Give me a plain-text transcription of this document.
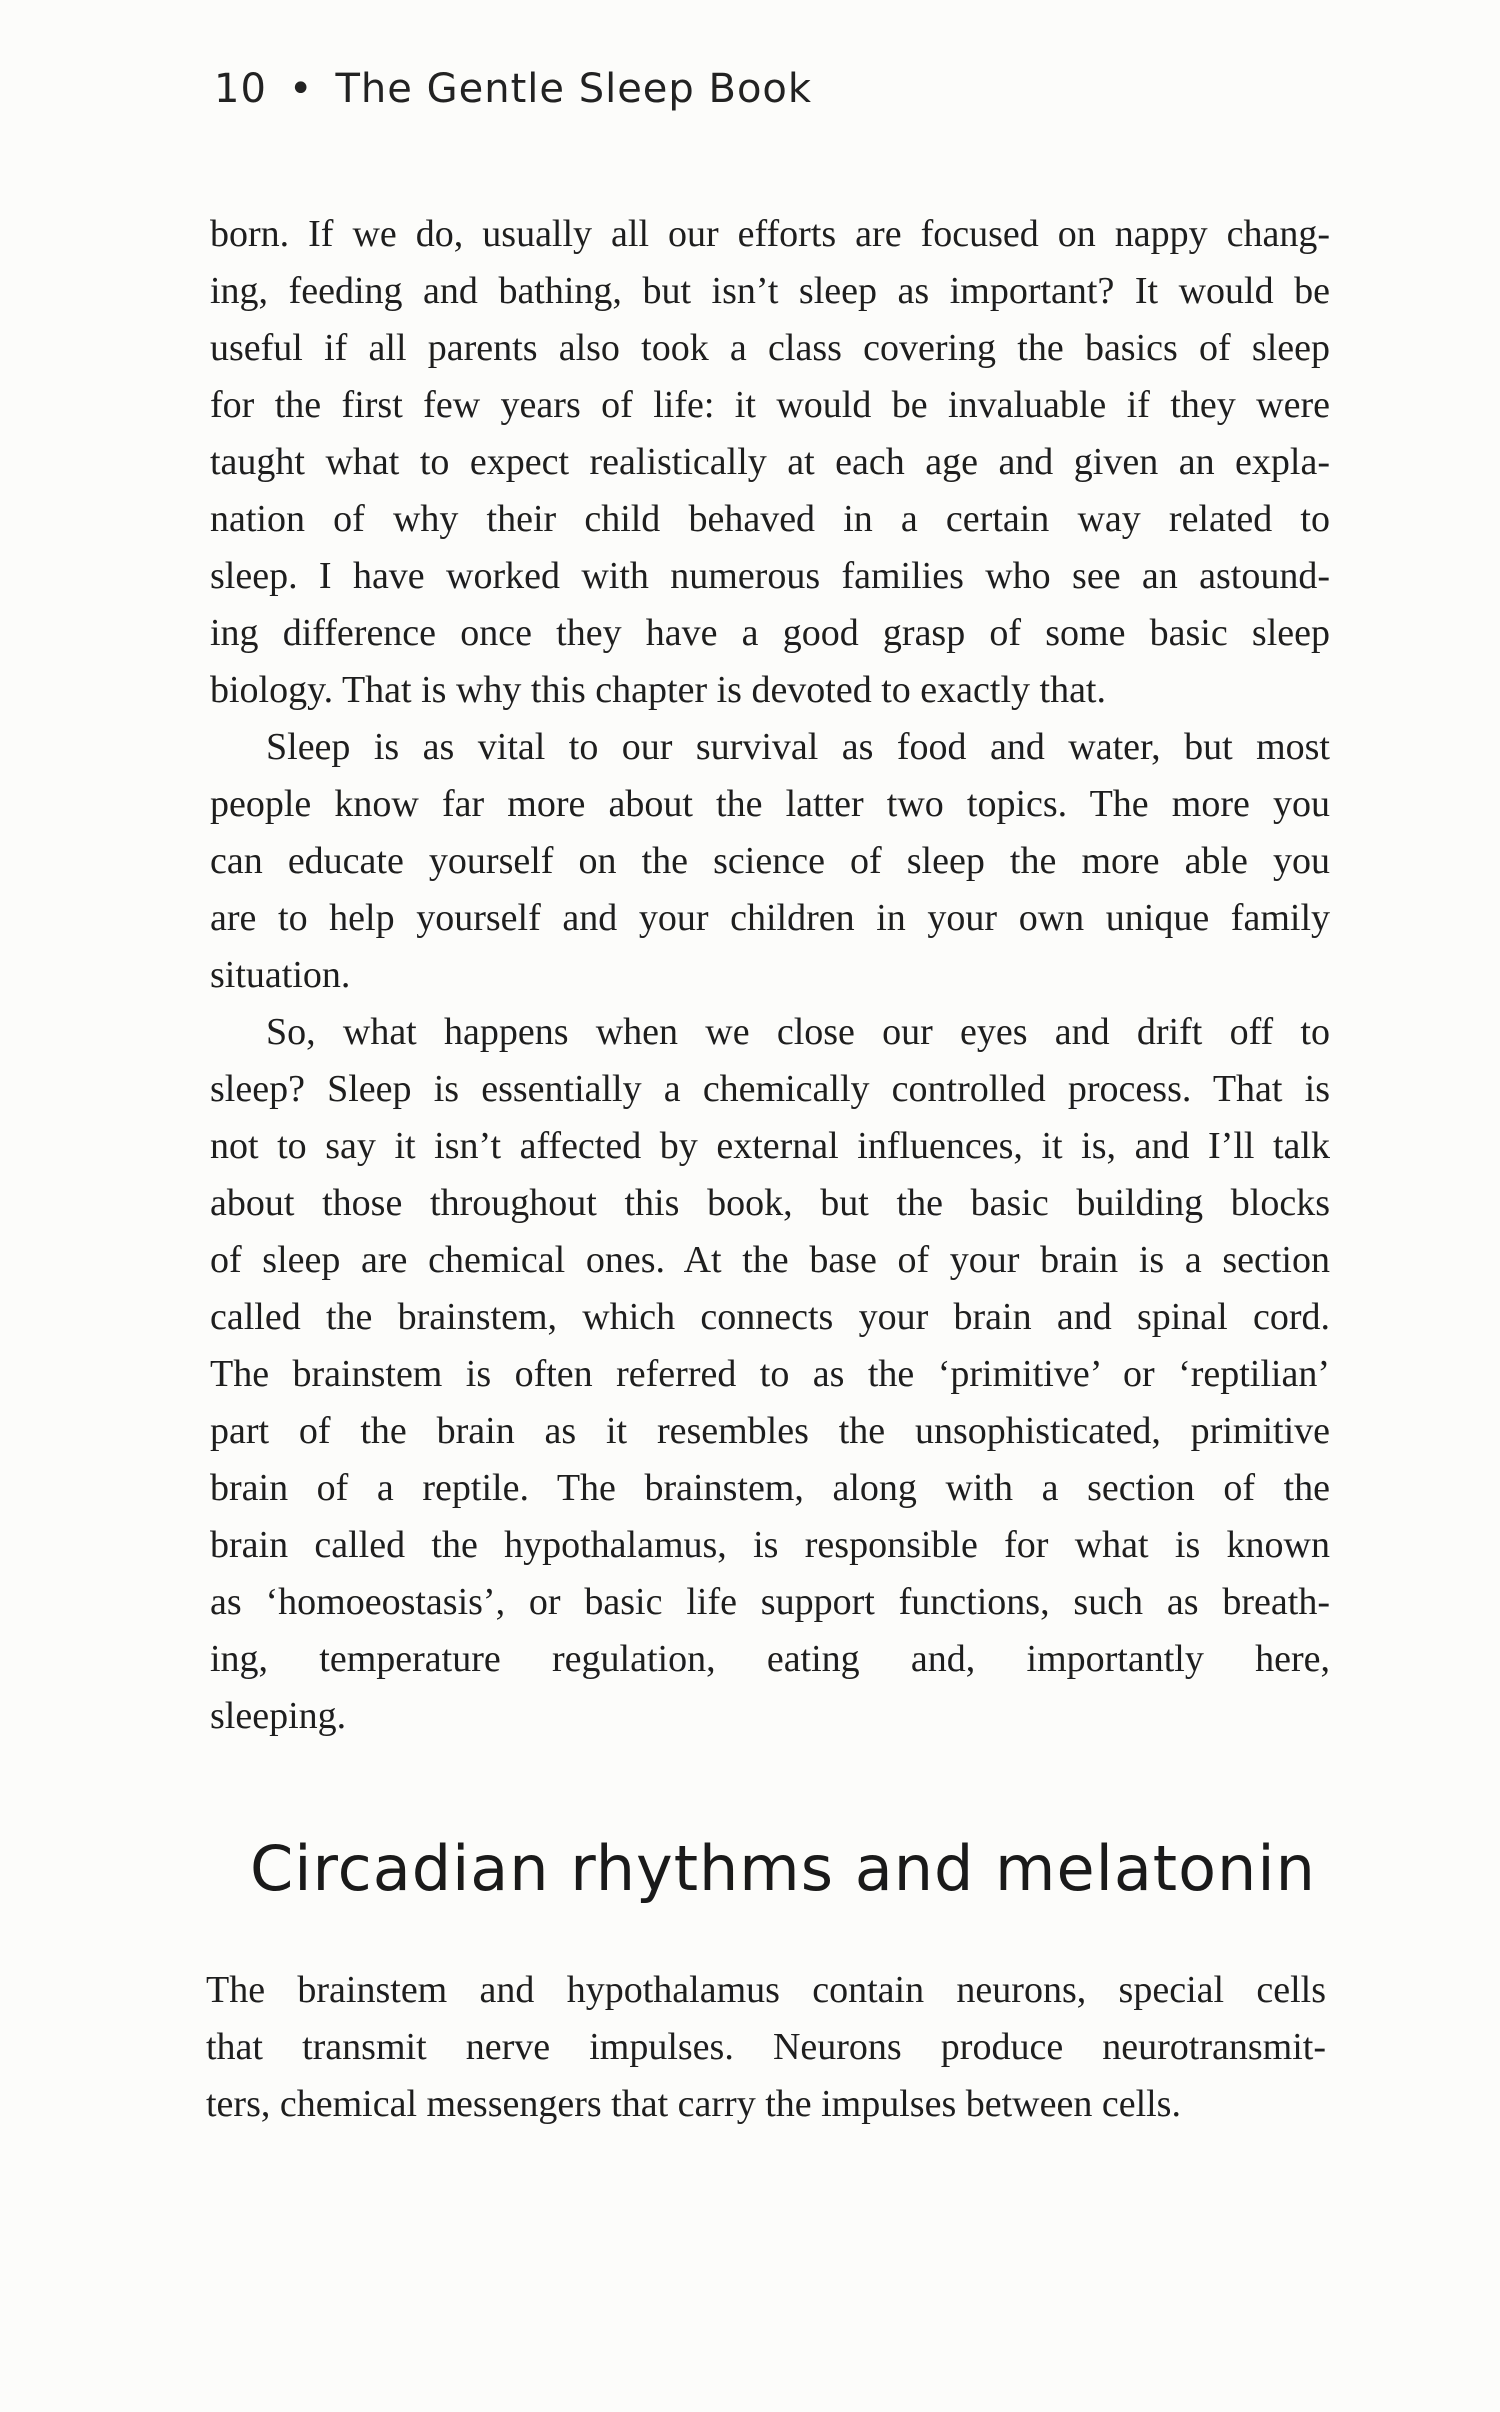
10 • The Gentle Sleep Book
born. If we do, usually all our efforts are focused on nappy chang-
ing, feeding and bathing, but isn’t sleep as important? It would be
useful if all parents also took a class covering the basics of sleep
for the first few years of life: it would be invaluable if they were
taught what to expect realistically at each age and given an expla-
nation of why their child behaved in a certain way related to
sleep. I have worked with numerous families who see an astound-
ing difference once they have a good grasp of some basic sleep
biology. That is why this chapter is devoted to exactly that.
Sleep is as vital to our survival as food and water, but most
people know far more about the latter two topics. The more you
can educate yourself on the science of sleep the more able you
are to help yourself and your children in your own unique family
situation.
So, what happens when we close our eyes and drift off to
sleep? Sleep is essentially a chemically controlled process. That is
not to say it isn’t affected by external influences, it is, and I’ll talk
about those throughout this book, but the basic building blocks
of sleep are chemical ones. At the base of your brain is a section
called the brainstem, which connects your brain and spinal cord.
The brainstem is often referred to as the ‘primitive’ or ‘reptilian’
part of the brain as it resembles the unsophisticated, primitive
brain of a reptile. The brainstem, along with a section of the
brain called the hypothalamus, is responsible for what is known
as ‘homoeostasis’, or basic life support functions, such as breath-
ing, temperature regulation, eating and, importantly here,
sleeping.
Circadian rhythms and melatonin
The brainstem and hypothalamus contain neurons, special cells
that transmit nerve impulses. Neurons produce neurotransmit-
ters, chemical messengers that carry the impulses between cells.
